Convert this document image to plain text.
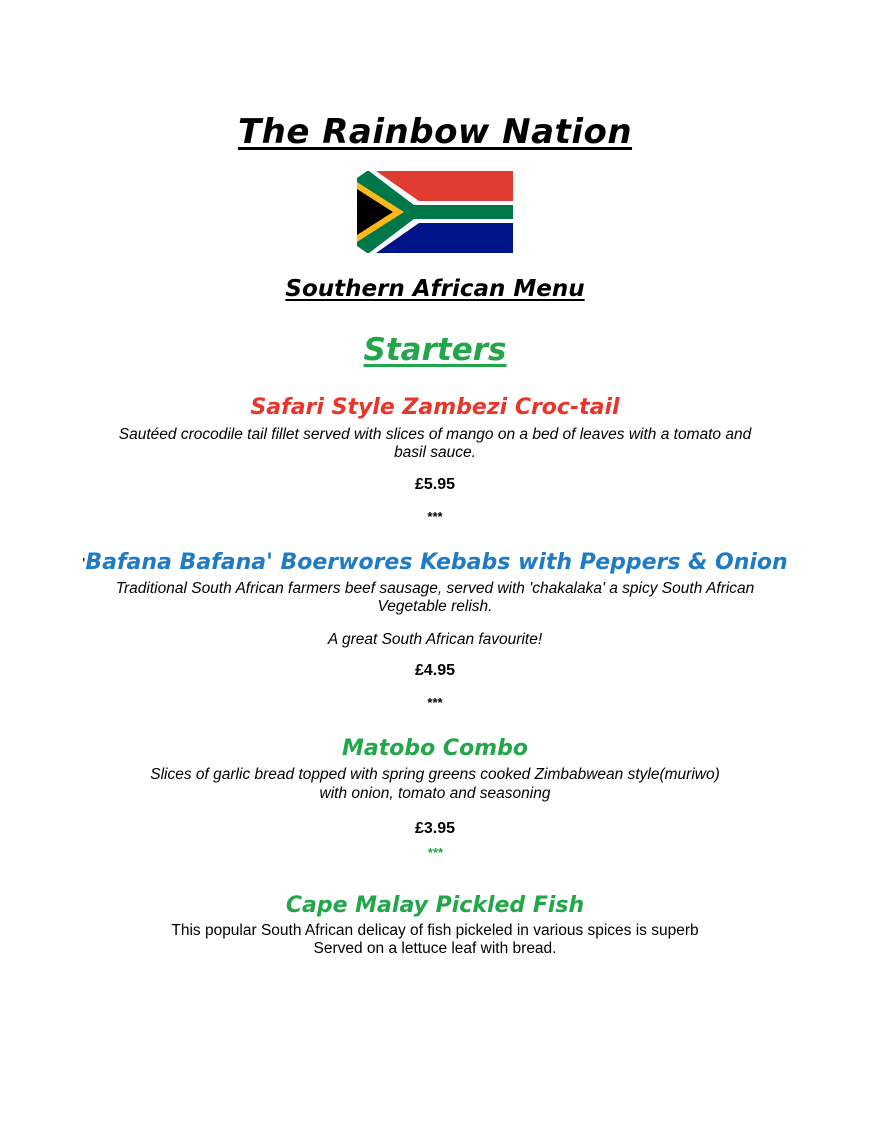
The Rainbow Nation
Southern African Menu
Starters
Safari Style Zambezi Croc-tail
Sautéed crocodile tail fillet served with slices of mango on a bed of leaves with a tomato and
basil sauce.
£5.95
***
'Bafana Bafana' Boerwores Kebabs with Peppers & Onion
Traditional South African farmers beef sausage, served with 'chakalaka' a spicy South African
Vegetable relish.
A great South African favourite!
£4.95
***
Matobo Combo
Slices of garlic bread topped with spring greens cooked Zimbabwean style(muriwo)
with onion, tomato and seasoning
£3.95
***
Cape Malay Pickled Fish
This popular South African delicay of fish pickeled in various spices is superb
Served on a lettuce leaf with bread.
